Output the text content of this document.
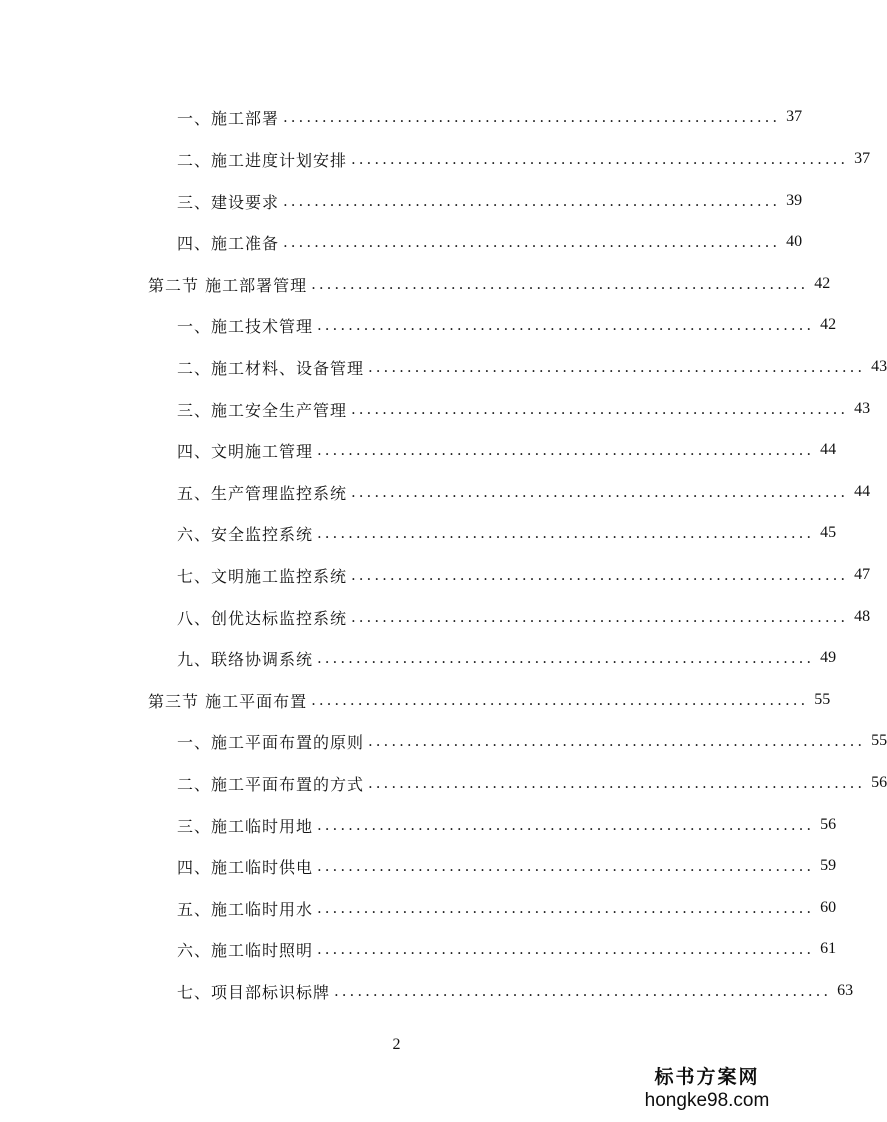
一、施工部署 ................................................................ 37
二、施工进度计划安排 ................................................................ 37
三、建设要求 ................................................................ 39
四、施工准备 ................................................................ 40
第二节 施工部署管理 ................................................................ 42
一、施工技术管理 ................................................................ 42
二、施工材料、设备管理 ................................................................ 43
三、施工安全生产管理 ................................................................ 43
四、文明施工管理 ................................................................ 44
五、生产管理监控系统 ................................................................ 44
六、安全监控系统 ................................................................ 45
七、文明施工监控系统 ................................................................ 47
八、创优达标监控系统 ................................................................ 48
九、联络协调系统 ................................................................ 49
第三节 施工平面布置 ................................................................ 55
一、施工平面布置的原则 ................................................................ 55
二、施工平面布置的方式 ................................................................ 56
三、施工临时用地 ................................................................ 56
四、施工临时供电 ................................................................ 59
五、施工临时用水 ................................................................ 60
六、施工临时照明 ................................................................ 61
七、项目部标识标牌 ................................................................ 63
2
标书方案网
hongke98.com
